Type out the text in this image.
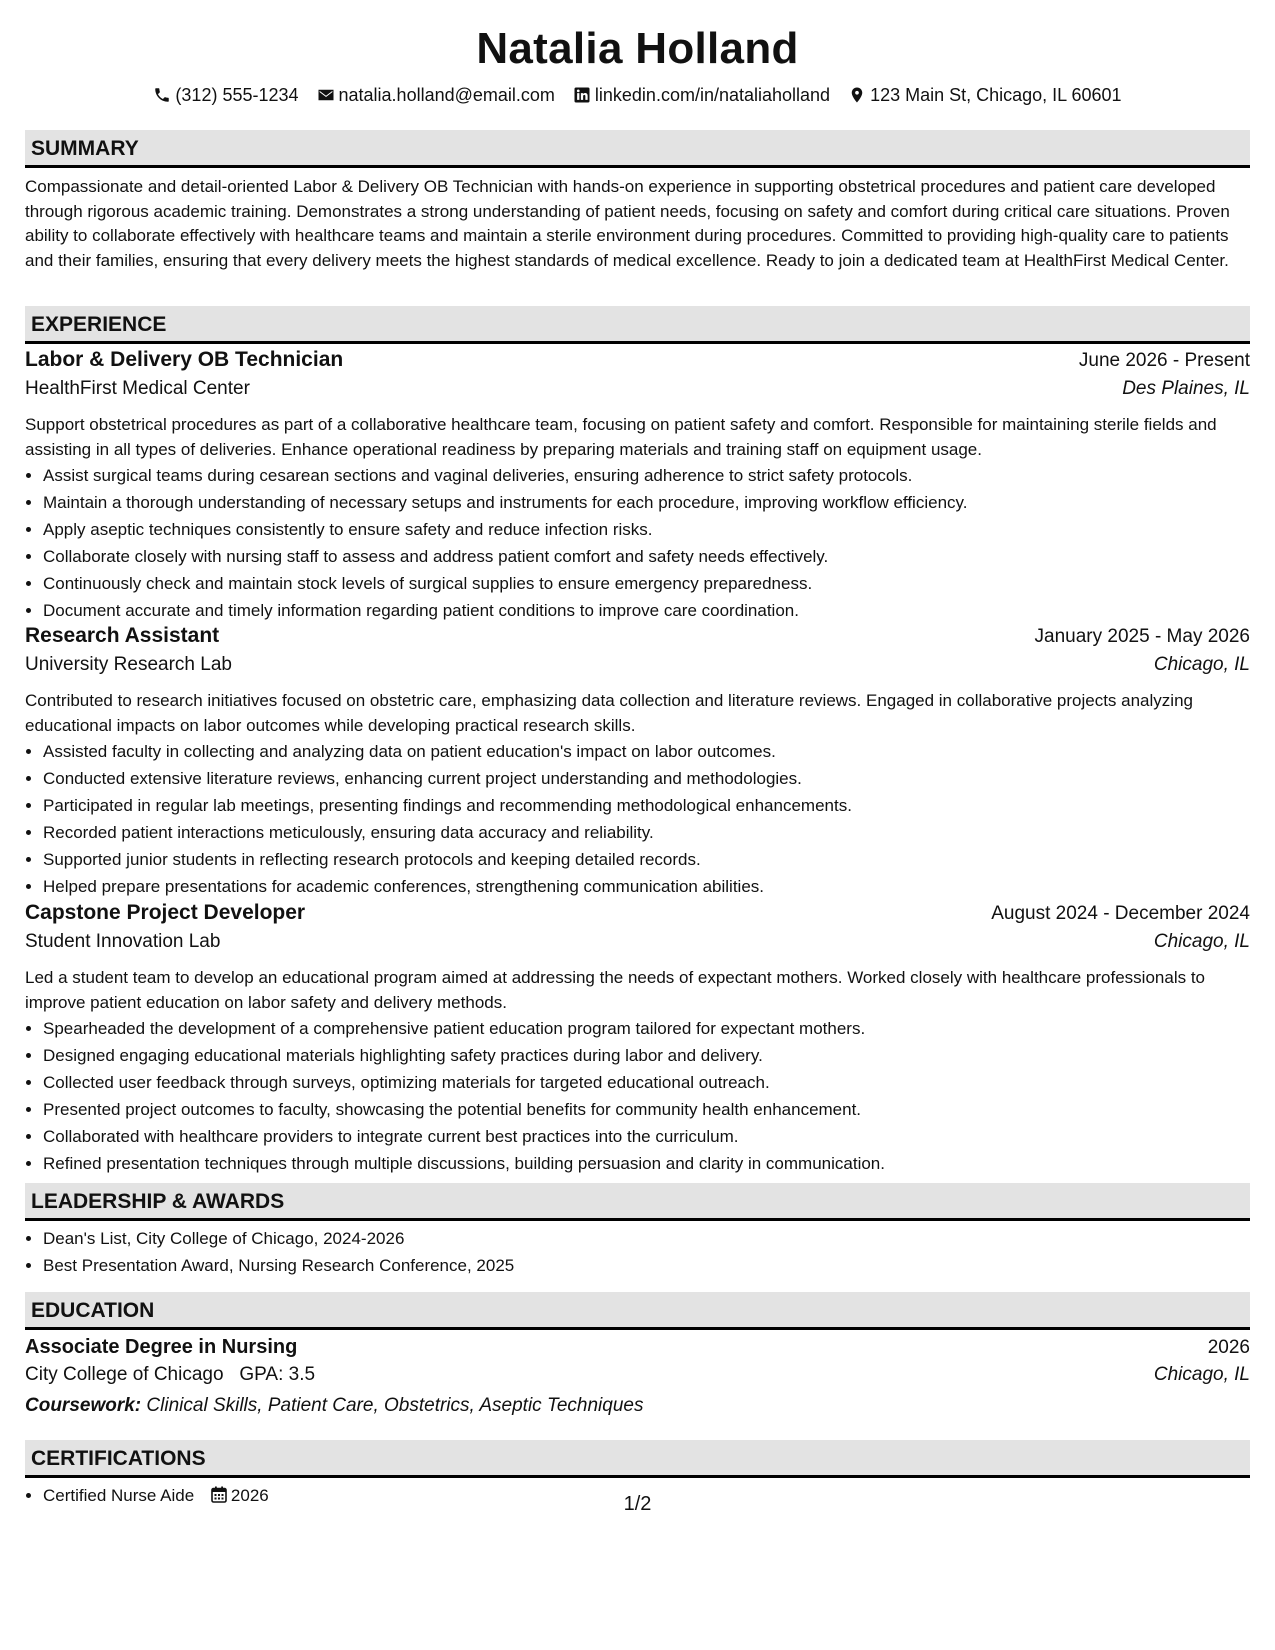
Natalia Holland
(312) 555-1234 natalia.holland@email.com linkedin.com/in/nataliaholland 123 Main St, Chicago, IL 60601
SUMMARY
Compassionate and detail-oriented Labor & Delivery OB Technician with hands-on experience in supporting obstetrical procedures and patient care developed through rigorous academic training. Demonstrates a strong understanding of patient needs, focusing on safety and comfort during critical care situations. Proven ability to collaborate effectively with healthcare teams and maintain a sterile environment during procedures. Committed to providing high-quality care to patients and their families, ensuring that every delivery meets the highest standards of medical excellence. Ready to join a dedicated team at HealthFirst Medical Center.
EXPERIENCE
Labor & Delivery OB Technician	June 2026 - Present
HealthFirst Medical Center	Des Plaines, IL
Support obstetrical procedures as part of a collaborative healthcare team, focusing on patient safety and comfort. Responsible for maintaining sterile fields and assisting in all types of deliveries. Enhance operational readiness by preparing materials and training staff on equipment usage.
• Assist surgical teams during cesarean sections and vaginal deliveries, ensuring adherence to strict safety protocols.
• Maintain a thorough understanding of necessary setups and instruments for each procedure, improving workflow efficiency.
• Apply aseptic techniques consistently to ensure safety and reduce infection risks.
• Collaborate closely with nursing staff to assess and address patient comfort and safety needs effectively.
• Continuously check and maintain stock levels of surgical supplies to ensure emergency preparedness.
• Document accurate and timely information regarding patient conditions to improve care coordination.
Research Assistant	January 2025 - May 2026
University Research Lab	Chicago, IL
Contributed to research initiatives focused on obstetric care, emphasizing data collection and literature reviews. Engaged in collaborative projects analyzing educational impacts on labor outcomes while developing practical research skills.
• Assisted faculty in collecting and analyzing data on patient education's impact on labor outcomes.
• Conducted extensive literature reviews, enhancing current project understanding and methodologies.
• Participated in regular lab meetings, presenting findings and recommending methodological enhancements.
• Recorded patient interactions meticulously, ensuring data accuracy and reliability.
• Supported junior students in reflecting research protocols and keeping detailed records.
• Helped prepare presentations for academic conferences, strengthening communication abilities.
Capstone Project Developer	August 2024 - December 2024
Student Innovation Lab	Chicago, IL
Led a student team to develop an educational program aimed at addressing the needs of expectant mothers. Worked closely with healthcare professionals to improve patient education on labor safety and delivery methods.
• Spearheaded the development of a comprehensive patient education program tailored for expectant mothers.
• Designed engaging educational materials highlighting safety practices during labor and delivery.
• Collected user feedback through surveys, optimizing materials for targeted educational outreach.
• Presented project outcomes to faculty, showcasing the potential benefits for community health enhancement.
• Collaborated with healthcare providers to integrate current best practices into the curriculum.
• Refined presentation techniques through multiple discussions, building persuasion and clarity in communication.
LEADERSHIP & AWARDS
• Dean's List, City College of Chicago, 2024-2026
• Best Presentation Award, Nursing Research Conference, 2025
EDUCATION
Associate Degree in Nursing	2026
City College of Chicago GPA: 3.5	Chicago, IL
Coursework: Clinical Skills, Patient Care, Obstetrics, Aseptic Techniques
CERTIFICATIONS
• Certified Nurse Aide 2026	1/2
